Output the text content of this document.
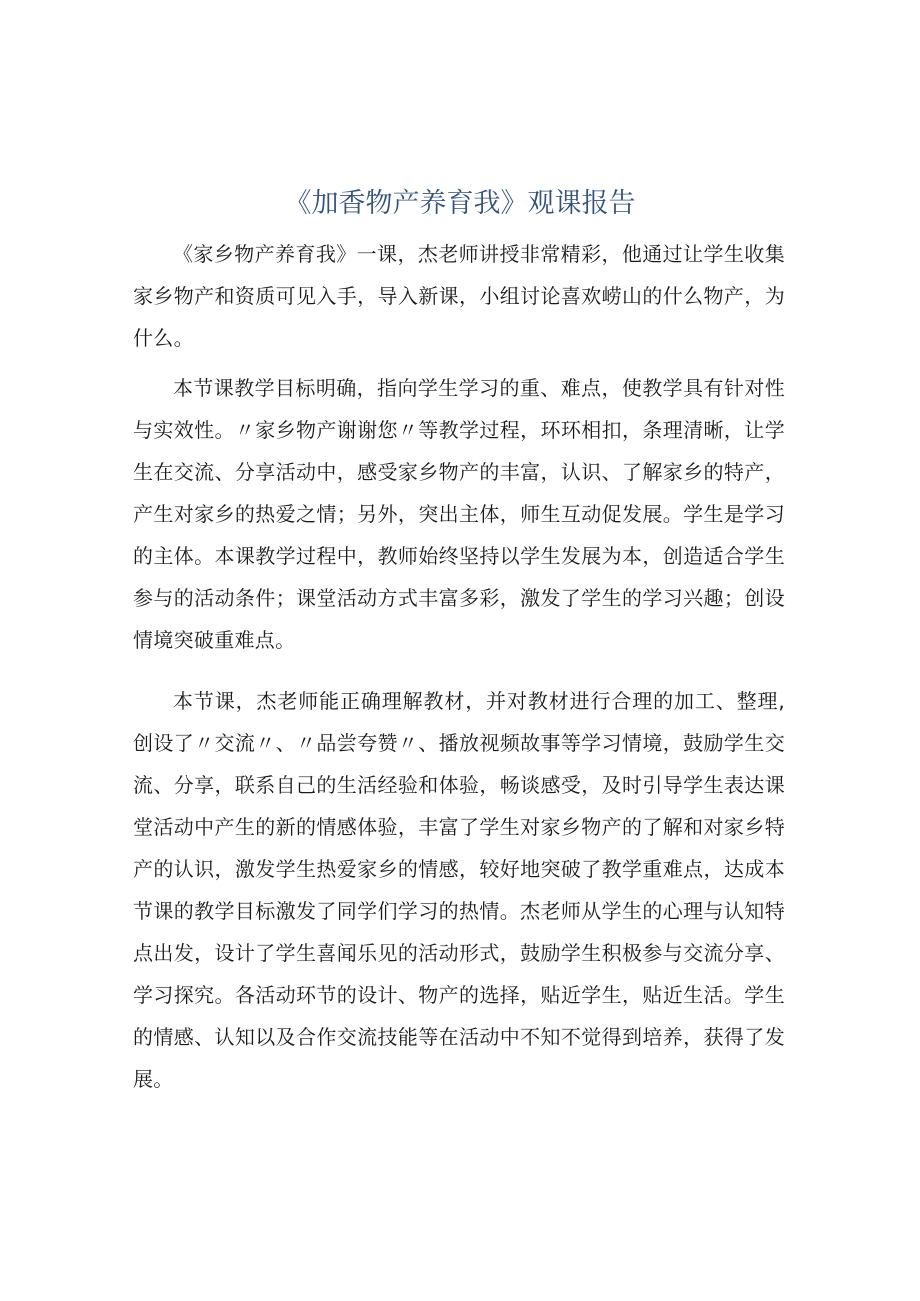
《加香物产养育我》观课报告

《家乡物产养育我》一课，杰老师讲授非常精彩，他通过让学生收集家乡物产和资质可见入手，导入新课，小组讨论喜欢崂山的什么物产，为什么。

本节课教学目标明确，指向学生学习的重、难点，使教学具有针对性与实效性。〃家乡物产谢谢您〃等教学过程，环环相扣，条理清晰，让学生在交流、分享活动中，感受家乡物产的丰富，认识、了解家乡的特产，产生对家乡的热爱之情；另外，突出主体，师生互动促发展。学生是学习的主体。本课教学过程中，教师始终坚持以学生发展为本，创造适合学生参与的活动条件；课堂活动方式丰富多彩，激发了学生的学习兴趣；创设情境突破重难点。

本节课，杰老师能正确理解教材，并对教材进行合理的加工、整理,创设了〃交流〃、〃品尝夸赞〃、播放视频故事等学习情境，鼓励学生交流、分享，联系自己的生活经验和体验，畅谈感受，及时引导学生表达课堂活动中产生的新的情感体验，丰富了学生对家乡物产的了解和对家乡特产的认识，激发学生热爱家乡的情感，较好地突破了教学重难点，达成本节课的教学目标激发了同学们学习的热情。杰老师从学生的心理与认知特点出发，设计了学生喜闻乐见的活动形式，鼓励学生积极参与交流分享、学习探究。各活动环节的设计、物产的选择，贴近学生，贴近生活。学生的情感、认知以及合作交流技能等在活动中不知不觉得到培养，获得了发展。
